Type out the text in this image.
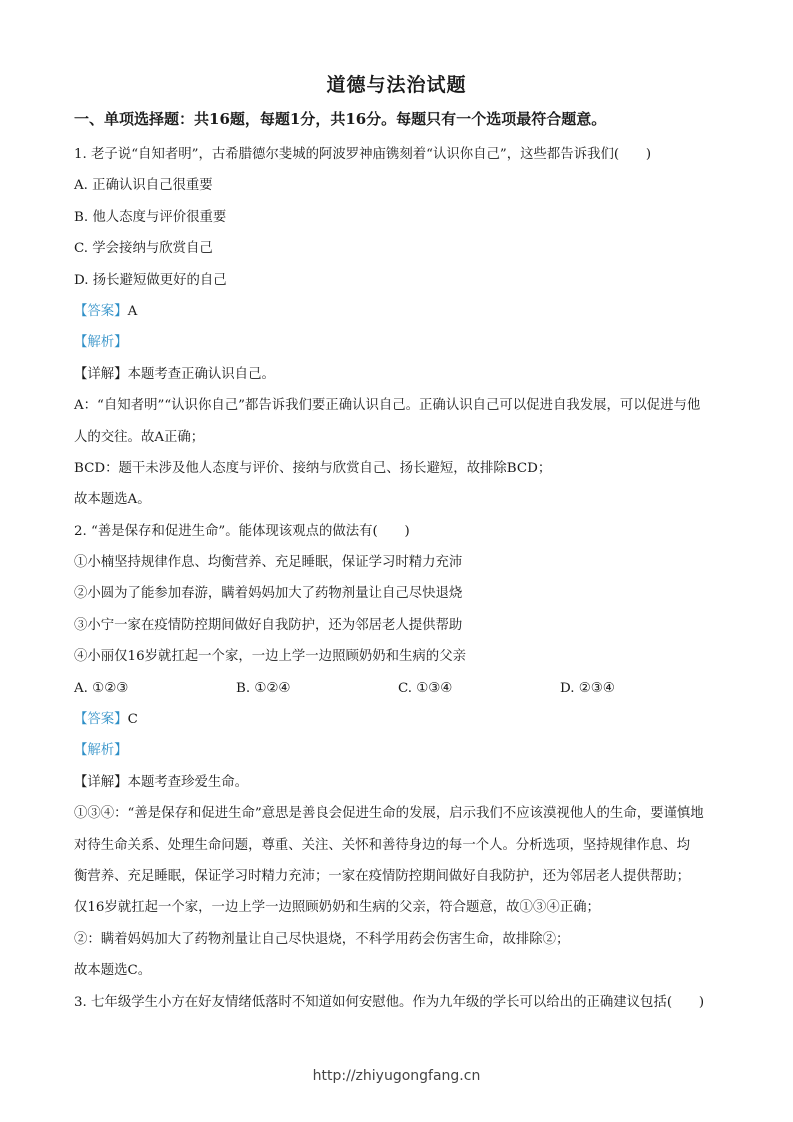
道德与法治试题
一、单项选择题：共16题，每题1分，共16分。每题只有一个选项最符合题意。
1. 老子说“自知者明”，古希腊德尔斐城的阿波罗神庙镌刻着“认识你自己”，这些都告诉我们(　　)
A. 正确认识自己很重要
B. 他人态度与评价很重要
C. 学会接纳与欣赏自己
D. 扬长避短做更好的自己
【答案】A
【解析】
【详解】本题考查正确认识自己。
A：“自知者明”“认识你自己”都告诉我们要正确认识自己。正确认识自己可以促进自我发展，可以促进与他
人的交往。故A正确；
BCD：题干未涉及他人态度与评价、接纳与欣赏自己、扬长避短，故排除BCD；
故本题选A。
2. “善是保存和促进生命”。能体现该观点的做法有(　　)
①小楠坚持规律作息、均衡营养、充足睡眠，保证学习时精力充沛
②小圆为了能参加春游，瞒着妈妈加大了药物剂量让自己尽快退烧
③小宁一家在疫情防控期间做好自我防护，还为邻居老人提供帮助
④小丽仅16岁就扛起一个家，一边上学一边照顾奶奶和生病的父亲
A. ①②③	B. ①②④	C. ①③④	D. ②③④
【答案】C
【解析】
【详解】本题考查珍爱生命。
①③④：“善是保存和促进生命”意思是善良会促进生命的发展，启示我们不应该漠视他人的生命，要谨慎地
对待生命关系、处理生命问题，尊重、关注、关怀和善待身边的每一个人。分析选项，坚持规律作息、均
衡营养、充足睡眠，保证学习时精力充沛；一家在疫情防控期间做好自我防护，还为邻居老人提供帮助；
仅16岁就扛起一个家，一边上学一边照顾奶奶和生病的父亲，符合题意，故①③④正确；
②：瞒着妈妈加大了药物剂量让自己尽快退烧，不科学用药会伤害生命，故排除②；
故本题选C。
3. 七年级学生小方在好友情绪低落时不知道如何安慰他。作为九年级的学长可以给出的正确建议包括(　　)
http://zhiyugongfang.cn
